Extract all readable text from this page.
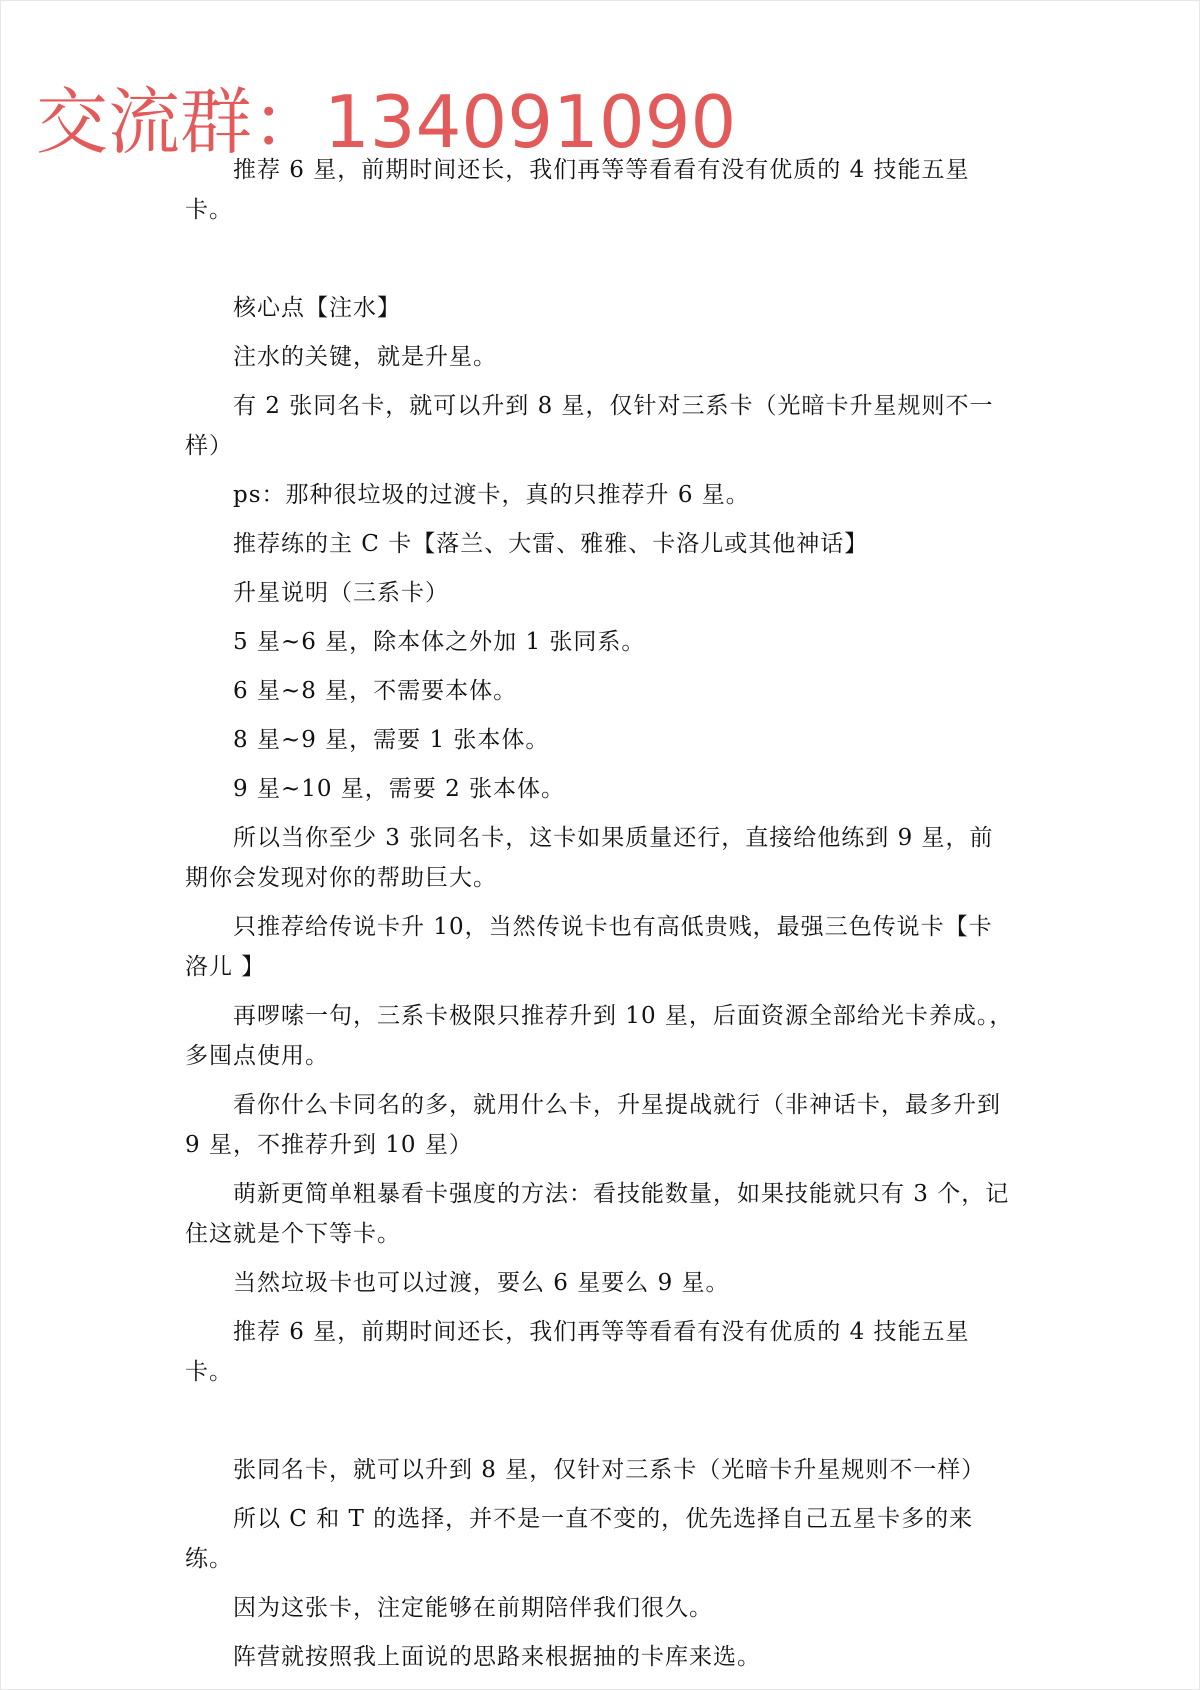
交流群：134091090

推荐 6 星，前期时间还长，我们再等等看看有没有优质的 4 技能五星卡。

核心点【注水】

注水的关键，就是升星。

有 2 张同名卡，就可以升到 8 星，仅针对三系卡（光暗卡升星规则不一样）

ps：那种很垃圾的过渡卡，真的只推荐升 6 星。

推荐练的主 C 卡【落兰、大雷、雅雅、卡洛儿或其他神话】

升星说明（三系卡）

5 星~6 星，除本体之外加 1 张同系。

6 星~8 星，不需要本体。

8 星~9 星，需要 1 张本体。

9 星~10 星，需要 2 张本体。

所以当你至少 3 张同名卡，这卡如果质量还行，直接给他练到 9 星，前期你会发现对你的帮助巨大。

只推荐给传说卡升 10，当然传说卡也有高低贵贱，最强三色传说卡【卡洛儿 】

再啰嗦一句，三系卡极限只推荐升到 10 星，后面资源全部给光卡养成。，多囤点使用。

看你什么卡同名的多，就用什么卡，升星提战就行（非神话卡，最多升到 9 星，不推荐升到 10 星）

萌新更简单粗暴看卡强度的方法：看技能数量，如果技能就只有 3 个，记住这就是个下等卡。

当然垃圾卡也可以过渡，要么 6 星要么 9 星。

推荐 6 星，前期时间还长，我们再等等看看有没有优质的 4 技能五星卡。

张同名卡，就可以升到 8 星，仅针对三系卡（光暗卡升星规则不一样）

所以 C 和 T 的选择，并不是一直不变的，优先选择自己五星卡多的来练。

因为这张卡，注定能够在前期陪伴我们很久。

阵营就按照我上面说的思路来根据抽的卡库来选。
